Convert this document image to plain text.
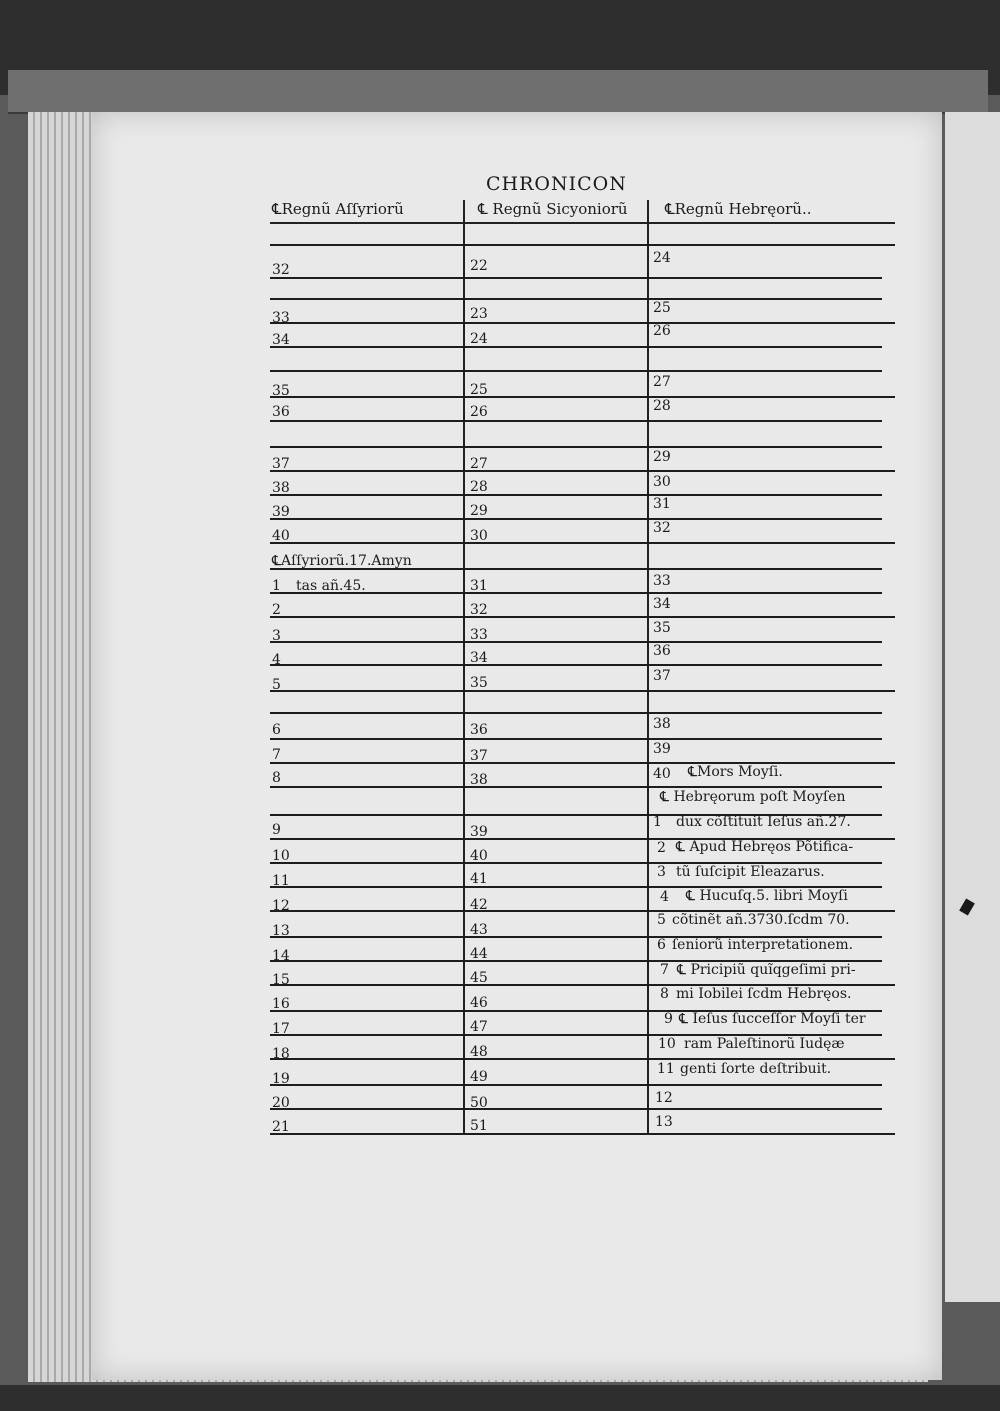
CHRONICON
℄Regnũ Aſſyriorũ	℄ Regnũ Sicyoniorũ ℄Regnũ Hebręorũ..
32
33
34
35
36
37
38
39
40
℄Aſſyriorũ.17.Amyn
1 tas añ.45.
2
3
4
5
6
7
8
9
10
11
12
13
14
15
16
17
18
19
20
21
22
23
24
25
26
27
28
29
30
31
32
33
34
35
36
37
38
39
40
41
42
43
44
45
46
47
48
49
50
51
24
25
26
27
28
29
30
31
32
33
34
35
36
37
38
39
40 ℄Mors Moyſi.
℄ Hebręorum poſt Moyſen
1 dux cõſtituit Ieſus añ.27.
2 ℄ Apud Hebręos Põtifica-
3 tũ ſuſcipit Eleazarus.
4 ℄ Hucuſq.5. libri Moyſi
5 cõtinẽt añ.3730.ſcdm 70.
6 ſeniorũ interpretationem.
7 ℄ Pricipiũ quĩqgeſimi pri-
8 mi Iobilei ſcdm Hebręos.
9 ℄ Ieſus ſucceſſor Moyſi ter
10 ram Paleſtinorũ Iudęæ
11 genti ſorte deſtribuit.
12
13
